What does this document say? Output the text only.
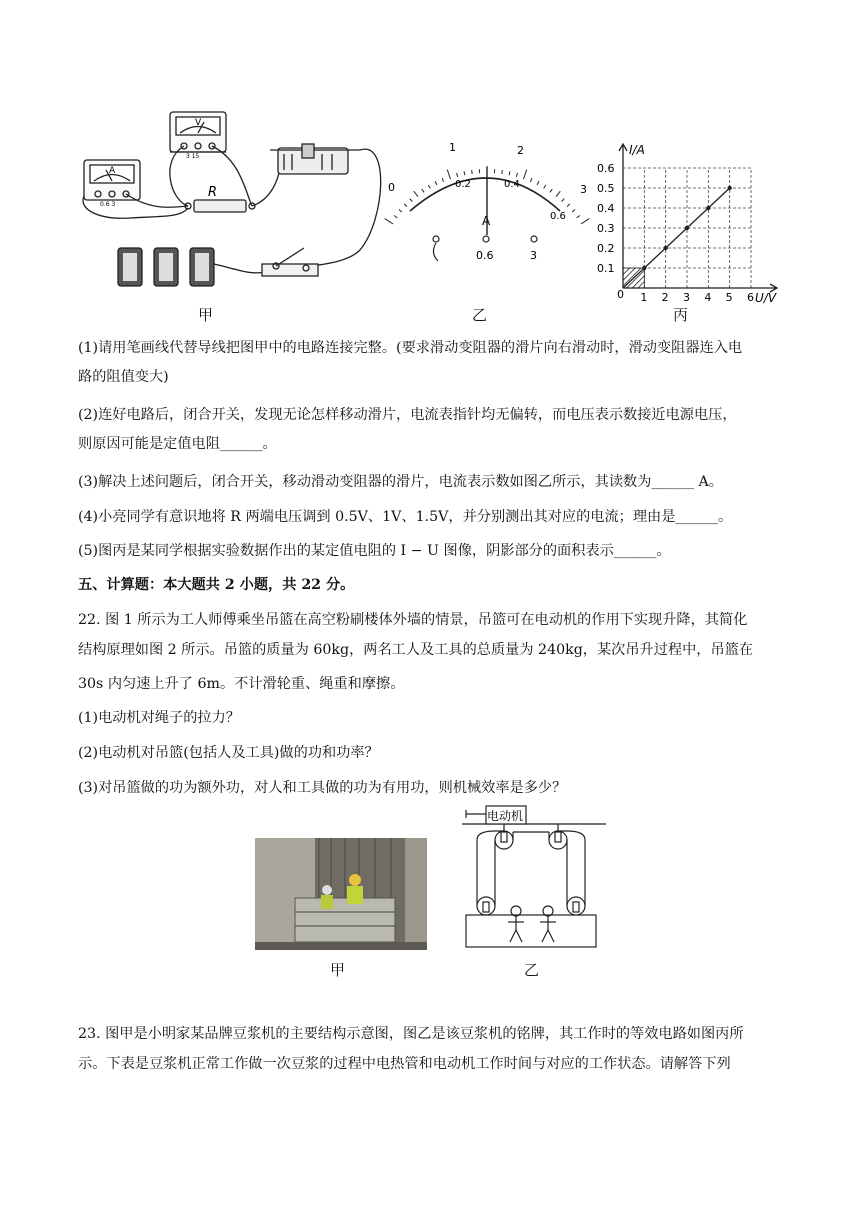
V
3 15
A
0.6 3
R
甲
0
1	2
3
0.2	0.4
0.6
A
0.6	3
乙
1 2 3 4 5 6
0.1
0.2
0.3
0.4
0.5
0.6
I/A
U/V
0
丙
(1)请用笔画线代替导线把图甲中的电路连接完整。(要求滑动变阻器的滑片向右滑动时，滑动变阻器连入电
路的阻值变大)
(2)连好电路后，闭合开关，发现无论怎样移动滑片，电流表指针均无偏转，而电压表示数接近电源电压，
则原因可能是定值电阻______。
(3)解决上述问题后，闭合开关，移动滑动变阻器的滑片，电流表示数如图乙所示，其读数为______ A。
(4)小亮同学有意识地将 R 两端电压调到 0.5V、1V、1.5V，并分别测出其对应的电流；理由是______。
(5)图丙是某同学根据实验数据作出的某定值电阻的 I − U 图像，阴影部分的面积表示______。
五、计算题：本大题共 2 小题，共 22 分。
22. 图 1 所示为工人师傅乘坐吊篮在高空粉刷楼体外墙的情景，吊篮可在电动机的作用下实现升降，其简化
结构原理如图 2 所示。吊篮的质量为 60kg，两名工人及工具的总质量为 240kg，某次吊升过程中，吊篮在
30s 内匀速上升了 6m。不计滑轮重、绳重和摩擦。
(1)电动机对绳子的拉力？
(2)电动机对吊篮(包括人及工具)做的功和功率？
(3)对吊篮做的功为额外功，对人和工具做的功为有用功，则机械效率是多少？
甲
电动机
乙
23. 图甲是小明家某品牌豆浆机的主要结构示意图，图乙是该豆浆机的铭牌，其工作时的等效电路如图丙所
示。下表是豆浆机正常工作做一次豆浆的过程中电热管和电动机工作时间与对应的工作状态。请解答下列
